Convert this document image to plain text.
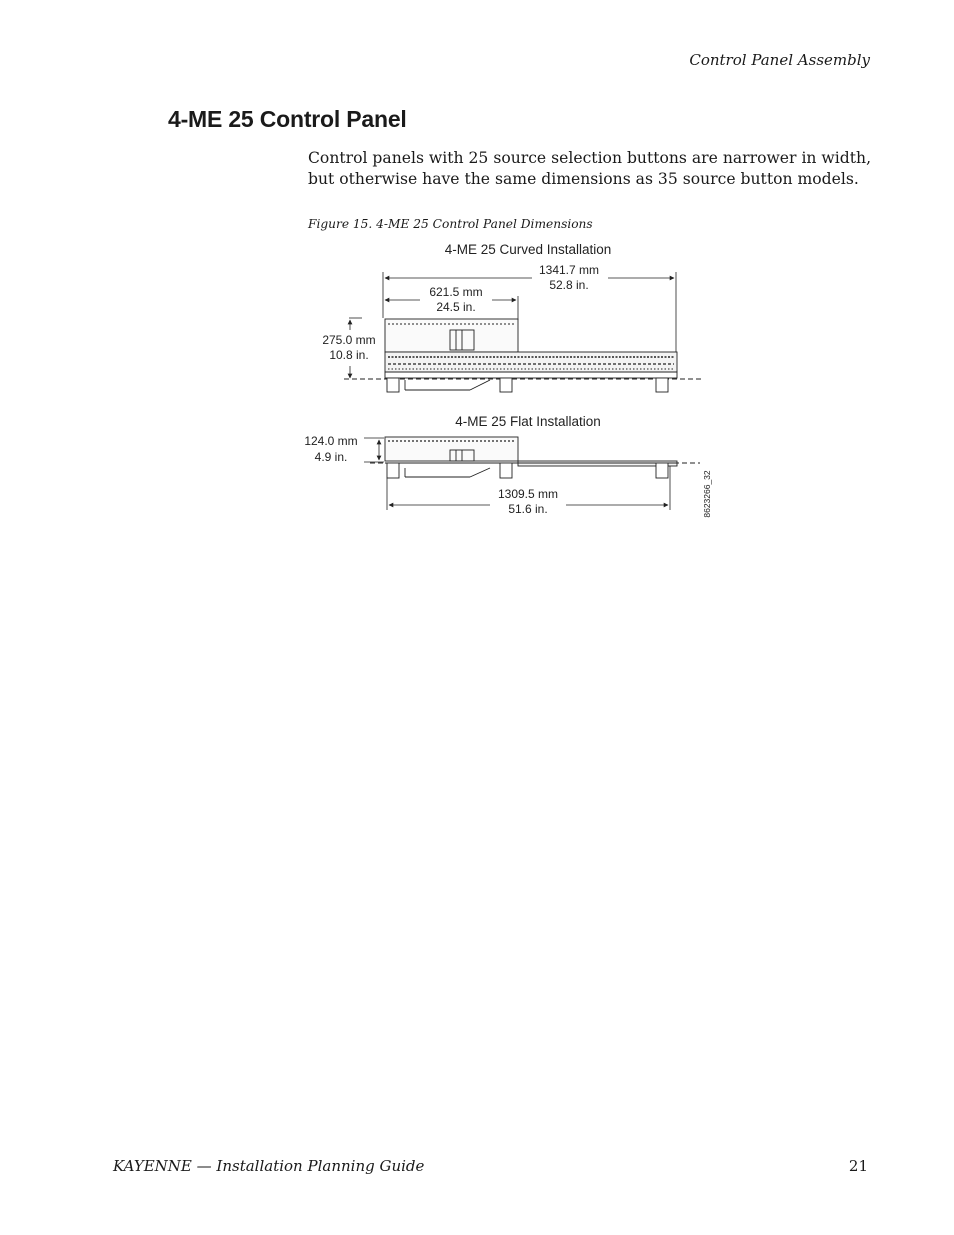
Control Panel Assembly
4-ME 25 Control Panel

Control panels with 25 source selection buttons are narrower in width, but otherwise have the same dimensions as 35 source button models.

Figure 15. 4-ME 25 Control Panel Dimensions
4-ME 25 Curved Installation
1341.7 mm
52.8 in.
621.5 mm
24.5 in.
275.0 mm
10.8 in.
4-ME 25 Flat Installation
124.0 mm
4.9 in.
1309.5 mm
51.6 in.	8623266_32
KAYENNE — Installation Planning Guide	21
